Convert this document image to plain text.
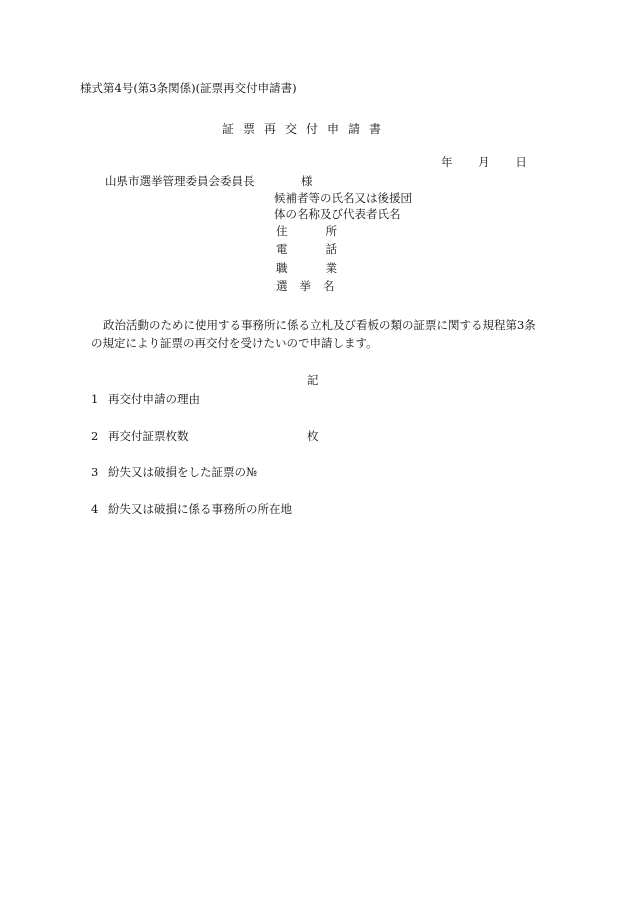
様式第4号(第3条関係)(証票再交付申請書)
証票再交付申請書
年 月 日
山県市選挙管理委員会委員長	様
候補者等の氏名又は後援団
体の名称及び代表者氏名
住所
電話
職業
選挙名
政治活動のために使用する事務所に係る立札及び看板の類の証票に関する規程第3条
の規定により証票の再交付を受けたいので申請します。
記
1 再交付申請の理由
2 再交付証票枚数	枚
3 紛失又は破損をした証票の№
4 紛失又は破損に係る事務所の所在地
